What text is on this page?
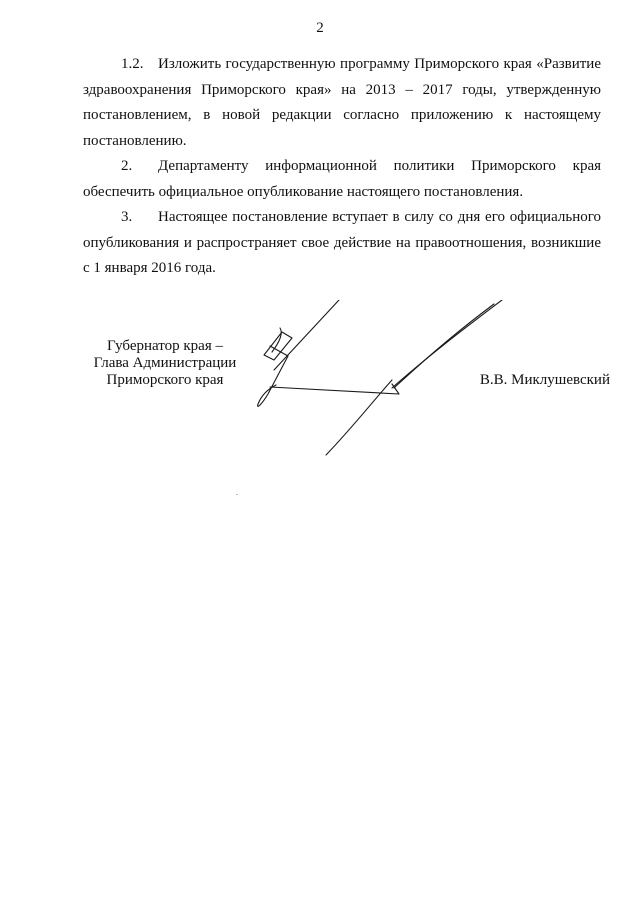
2

1.2. Изложить государственную программу Приморского края «Развитие здравоохранения Приморского края» на 2013 – 2017 годы, утвержденную постановлением, в новой редакции согласно приложению к настоящему постановлению.

2. Департаменту информационной политики Приморского края обеспечить официальное опубликование настоящего постановления.

3. Настоящее постановление вступает в силу со дня его официального опубликования и распространяет свое действие на правоотношения, возникшие с 1 января 2016 года.

Губернатор края –
Глава Администрации
Приморского края	В.В. Миклушевский
